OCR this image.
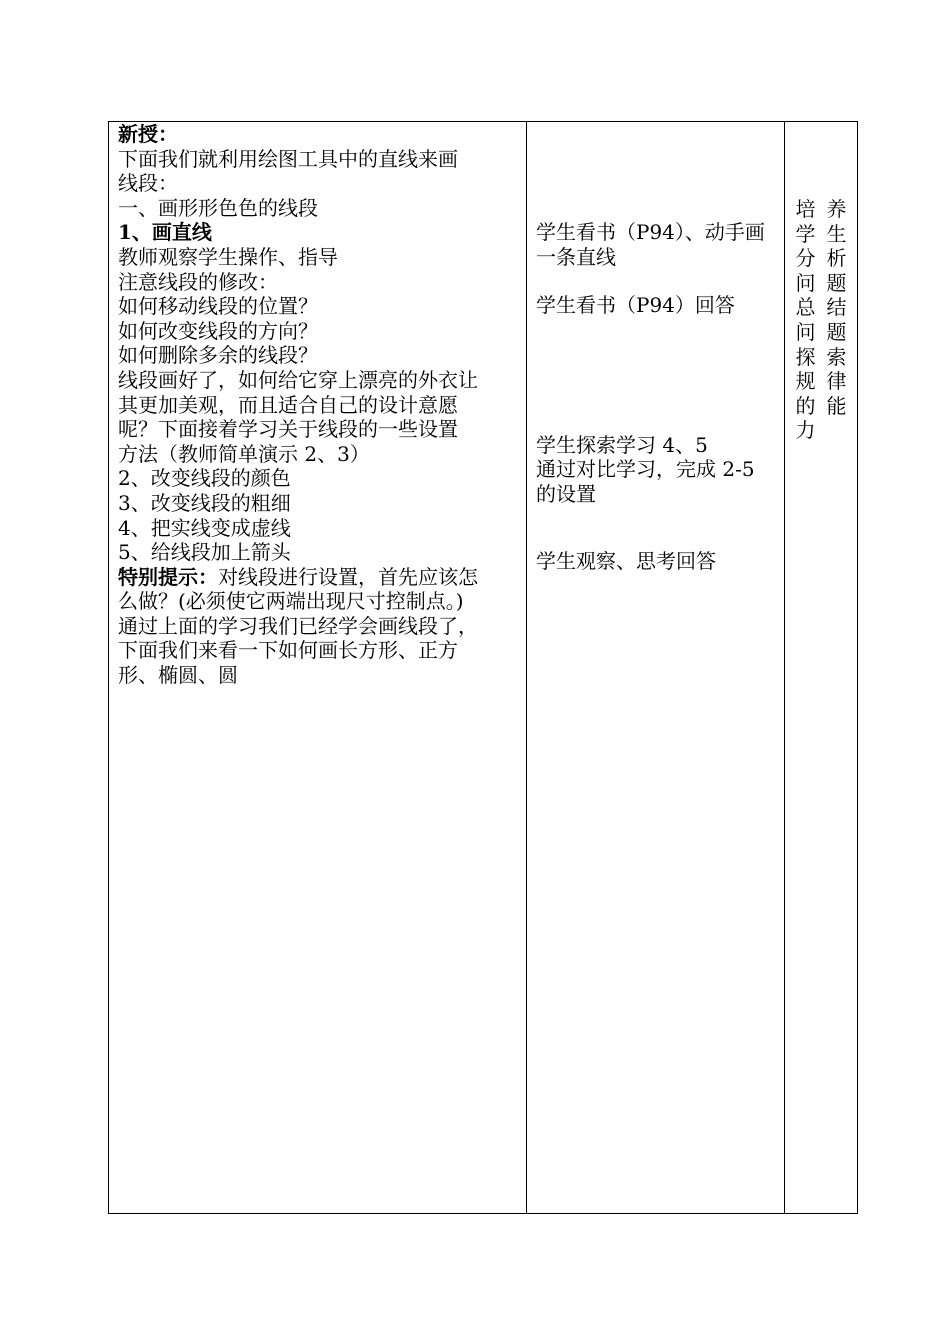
新授：
下面我们就利用绘图工具中的直线来画
线段：
一、画形形色色的线段
1、画直线
教师观察学生操作、指导
注意线段的修改：
如何移动线段的位置？
如何改变线段的方向？
如何删除多余的线段？
线段画好了，如何给它穿上漂亮的外衣让
其更加美观，而且适合自己的设计意愿
呢？下面接着学习关于线段的一些设置
方法（教师简单演示 2、3）
2、改变线段的颜色
3、改变线段的粗细
4、把实线变成虚线
5、给线段加上箭头
特别提示：对线段进行设置，首先应该怎
么做？(必须使它两端出现尺寸控制点。)
通过上面的学习我们已经学会画线段了，
下面我们来看一下如何画长方形、正方
形、椭圆、圆

学生看书（P94）、动手画
一条直线
学生看书（P94）回答
学生探索学习 4、5
通过对比学习，完成 2-5
的设置
学生观察、思考回答

培
学
分
问
总
问
探
规
的
力
养
生
析
题
结
题
索
律
能
